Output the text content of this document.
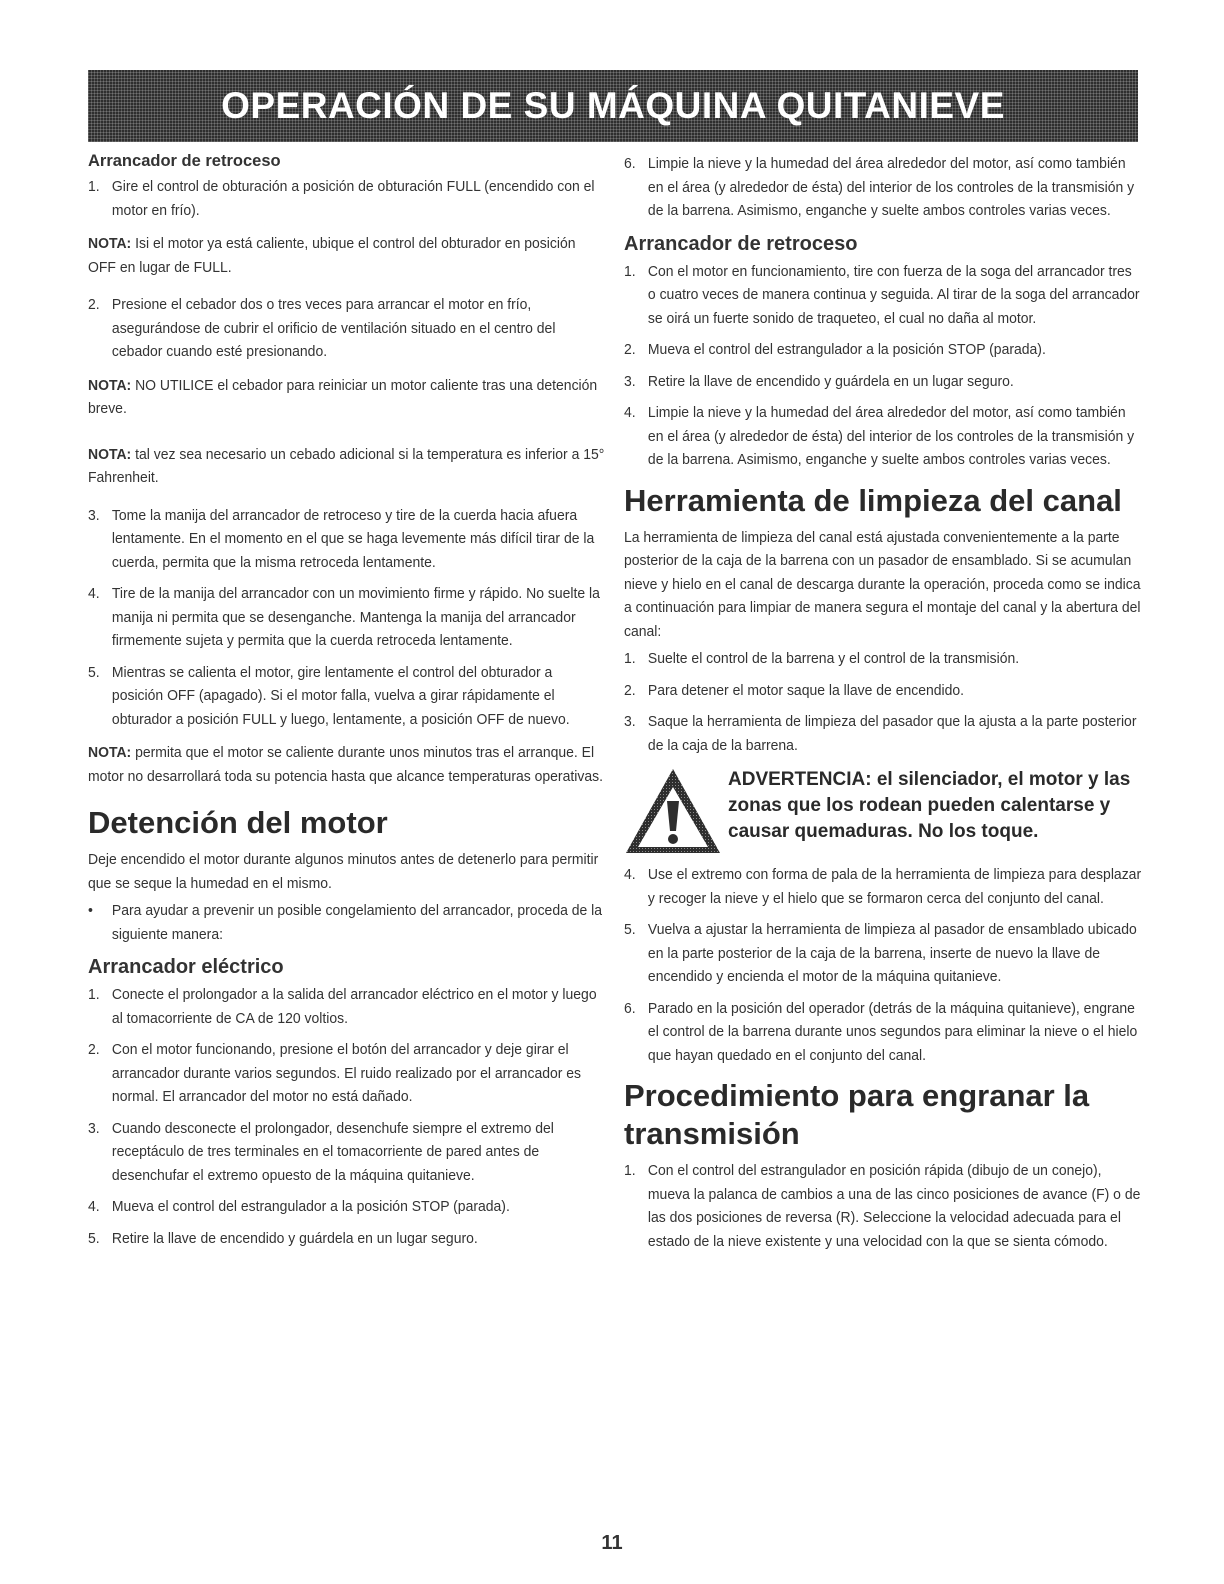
OPERACIÓN DE SU MÁQUINA QUITANIEVE
Arrancador de retroceso
1. Gire el control de obturación a posición de obturación FULL (encendido con el motor en frío).

NOTA: Isi el motor ya está caliente, ubique el control del obturador en posición OFF en lugar de FULL.

2. Presione el cebador dos o tres veces para arrancar el motor en frío, asegurándose de cubrir el orificio de ventilación situado en el centro del cebador cuando esté presionando.

NOTA: NO UTILICE el cebador para reiniciar un motor caliente tras una detención breve.

NOTA: tal vez sea necesario un cebado adicional si la temperatura es inferior a 15° Fahrenheit.

3. Tome la manija del arrancador de retroceso y tire de la cuerda hacia afuera lentamente. En el momento en el que se haga levemente más difícil tirar de la cuerda, permita que la misma retroceda lentamente.
4. Tire de la manija del arrancador con un movimiento firme y rápido. No suelte la manija ni permita que se desenganche. Mantenga la manija del arrancador firmemente sujeta y permita que la cuerda retroceda lentamente.
5. Mientras se calienta el motor, gire lentamente el control del obturador a posición OFF (apagado). Si el motor falla, vuelva a girar rápidamente el obturador a posición FULL y luego, lentamente, a posición OFF de nuevo.

NOTA: permita que el motor se caliente durante unos minutos tras el arranque. El motor no desarrollará toda su potencia hasta que alcance temperaturas operativas.

Detención del motor

Deje encendido el motor durante algunos minutos antes de detenerlo para permitir que se seque la humedad en el mismo.

•	Para ayudar a prevenir un posible congelamiento del arrancador, proceda de la siguiente manera:
Arrancador eléctrico
1. Conecte el prolongador a la salida del arrancador eléctrico en el motor y luego al tomacorriente de CA de 120 voltios.
2. Con el motor funcionando, presione el botón del arrancador y deje girar el arrancador durante varios segundos. El ruido realizado por el arrancador es normal. El arrancador del motor no está dañado.
3. Cuando desconecte el prolongador, desenchufe siempre el extremo del receptáculo de tres terminales en el tomacorriente de pared antes de desenchufar el extremo opuesto de la máquina quitanieve.
4. Mueva el control del estrangulador a la posición STOP (parada).
5. Retire la llave de encendido y guárdela en un lugar seguro.
6. Limpie la nieve y la humedad del área alrededor del motor, así como también en el área (y alrededor de ésta) del interior de los controles de la transmisión y de la barrena. Asimismo, enganche y suelte ambos controles varias veces.
Arrancador de retroceso
1. Con el motor en funcionamiento, tire con fuerza de la soga del arrancador tres o cuatro veces de manera continua y seguida. Al tirar de la soga del arrancador se oirá un fuerte sonido de traqueteo, el cual no daña al motor.
2. Mueva el control del estrangulador a la posición STOP (parada).
3. Retire la llave de encendido y guárdela en un lugar seguro.
4. Limpie la nieve y la humedad del área alrededor del motor, así como también en el área (y alrededor de ésta) del interior de los controles de la transmisión y de la barrena. Asimismo, enganche y suelte ambos controles varias veces.
Herramienta de limpieza del canal

La herramienta de limpieza del canal está ajustada convenientemente a la parte posterior de la caja de la barrena con un pasador de ensamblado. Si se acumulan nieve y hielo en el canal de descarga durante la operación, proceda como se indica a continuación para limpiar de manera segura el montaje del canal y la abertura del canal:

1. Suelte el control de la barrena y el control de la transmisión.
2. Para detener el motor saque la llave de encendido.
3. Saque la herramienta de limpieza del pasador que la ajusta a la parte posterior de la caja de la barrena.
ADVERTENCIA: el silenciador, el motor y las zonas que los rodean pueden calentarse y causar quemaduras. No los toque.
4. Use el extremo con forma de pala de la herramienta de limpieza para desplazar y recoger la nieve y el hielo que se formaron cerca del conjunto del canal.
5. Vuelva a ajustar la herramienta de limpieza al pasador de ensamblado ubicado en la parte posterior de la caja de la barrena, inserte de nuevo la llave de encendido y encienda el motor de la máquina quitanieve.
6. Parado en la posición del operador (detrás de la máquina quitanieve), engrane el control de la barrena durante unos segundos para eliminar la nieve o el hielo que hayan quedado en el conjunto del canal.
Procedimiento para engranar la transmisión
1. Con el control del estrangulador en posición rápida (dibujo de un conejo), mueva la palanca de cambios a una de las cinco posiciones de avance (F) o de las dos posiciones de reversa (R). Seleccione la velocidad adecuada para el estado de la nieve existente y una velocidad con la que se sienta cómodo.
11
